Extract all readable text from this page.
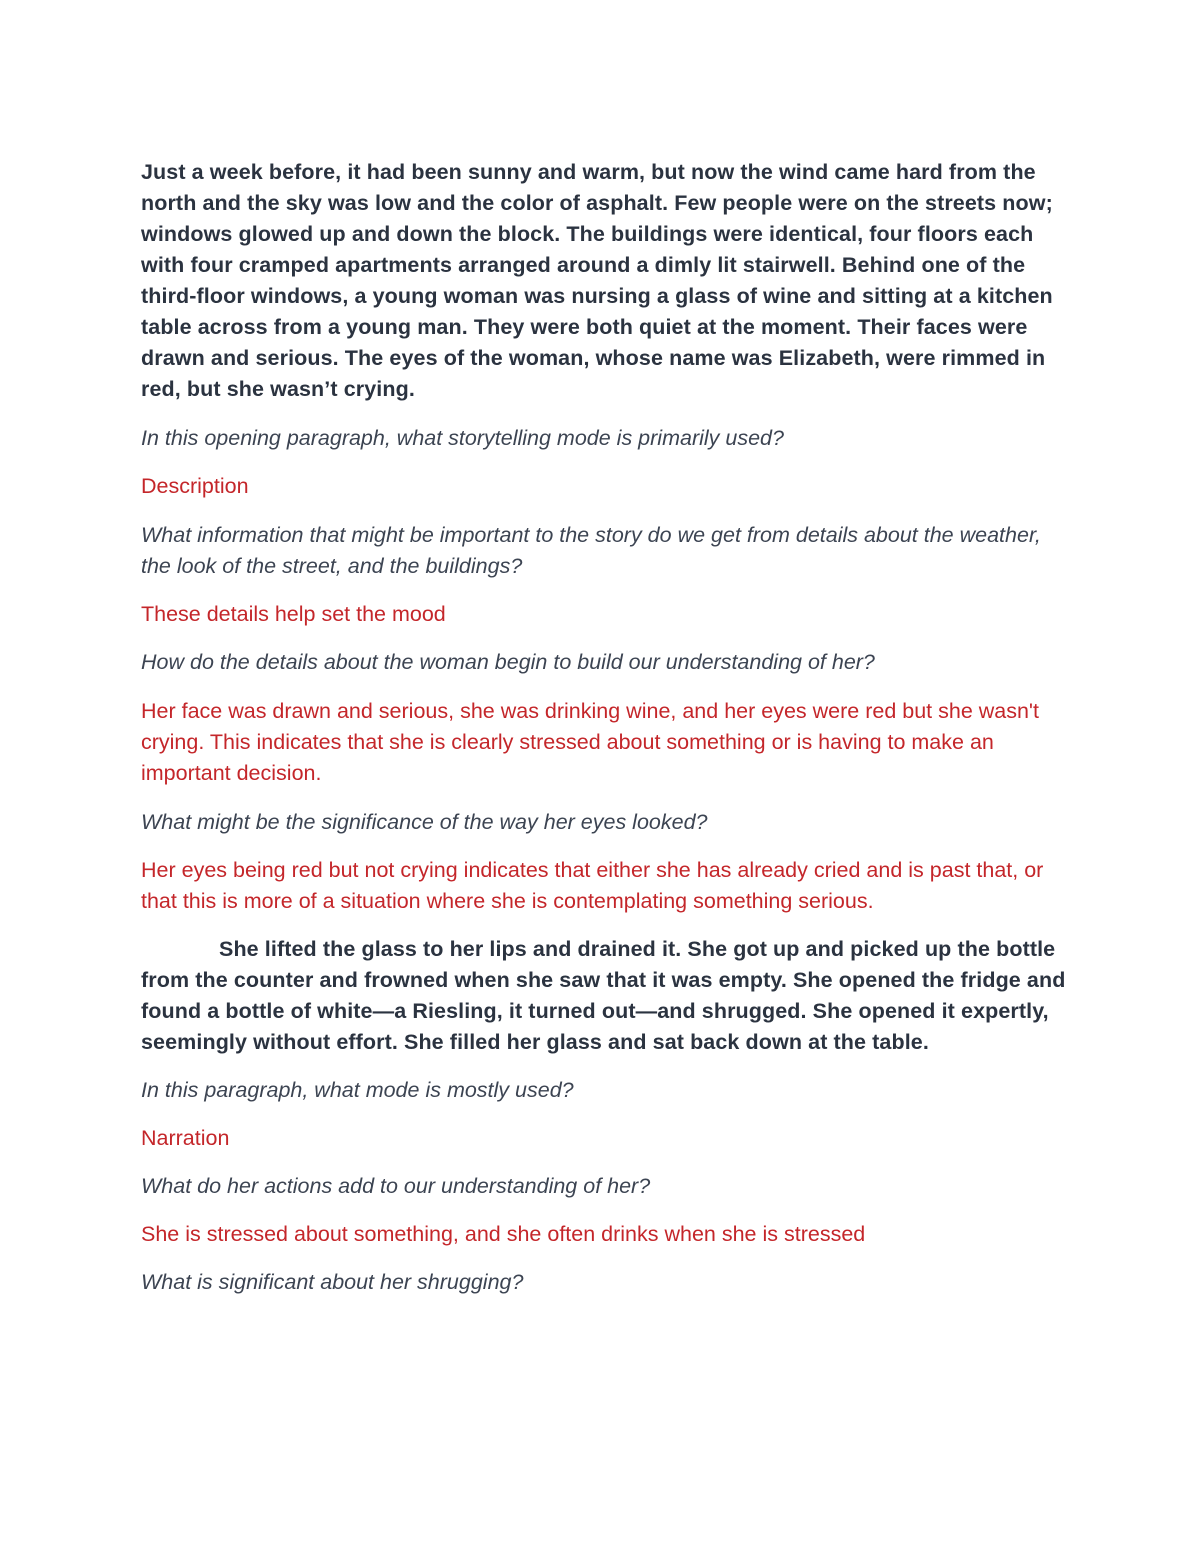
Just a week before, it had been sunny and warm, but now the wind came hard from the north and the sky was low and the color of asphalt. Few people were on the streets now; windows glowed up and down the block. The buildings were identical, four floors each with four cramped apartments arranged around a dimly lit stairwell. Behind one of the third-floor windows, a young woman was nursing a glass of wine and sitting at a kitchen table across from a young man. They were both quiet at the moment. Their faces were drawn and serious. The eyes of the woman, whose name was Elizabeth, were rimmed in red, but she wasn’t crying.

In this opening paragraph, what storytelling mode is primarily used?

Description

What information that might be important to the story do we get from details about the weather, the look of the street, and the buildings?

These details help set the mood

How do the details about the woman begin to build our understanding of her?

Her face was drawn and serious, she was drinking wine, and her eyes were red but she wasn't crying. This indicates that she is clearly stressed about something or is having to make an important decision.

What might be the significance of the way her eyes looked?

Her eyes being red but not crying indicates that either she has already cried and is past that, or that this is more of a situation where she is contemplating something serious.

She lifted the glass to her lips and drained it. She got up and picked up the bottle from the counter and frowned when she saw that it was empty. She opened the fridge and found a bottle of white—a Riesling, it turned out—and shrugged. She opened it expertly, seemingly without effort. She filled her glass and sat back down at the table.

In this paragraph, what mode is mostly used?

Narration

What do her actions add to our understanding of her?

She is stressed about something, and she often drinks when she is stressed

What is significant about her shrugging?
